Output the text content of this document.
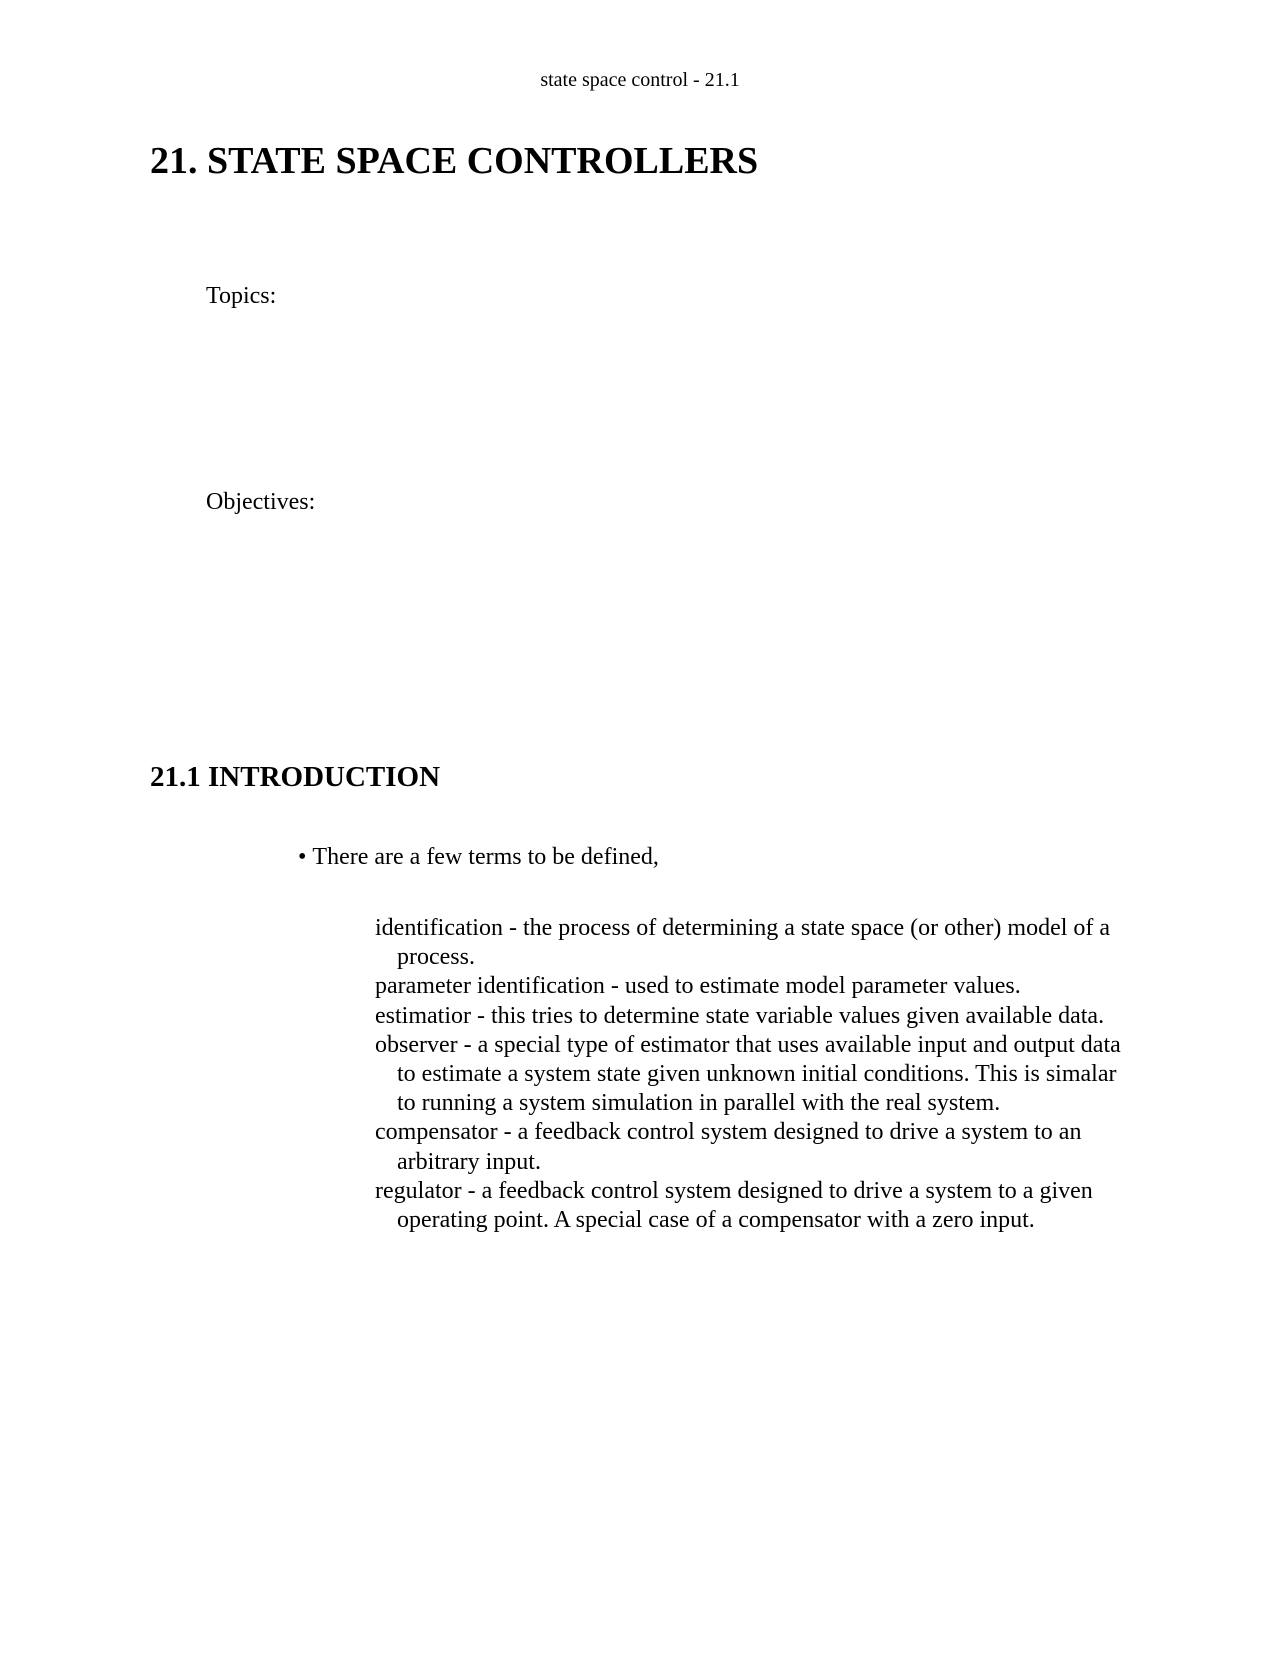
state space control - 21.1
21. STATE SPACE CONTROLLERS
Topics:
Objectives:
21.1 INTRODUCTION
• There are a few terms to be defined,
identification - the process of determining a state space (or other) model of a process.
parameter identification - used to estimate model parameter values.
estimatior - this tries to determine state variable values given available data.
observer - a special type of estimator that uses available input and output data to estimate a system state given unknown initial conditions. This is simalar to running a system simulation in parallel with the real system.
compensator - a feedback control system designed to drive a system to an arbitrary input.
regulator - a feedback control system designed to drive a system to a given operating point. A special case of a compensator with a zero input.
